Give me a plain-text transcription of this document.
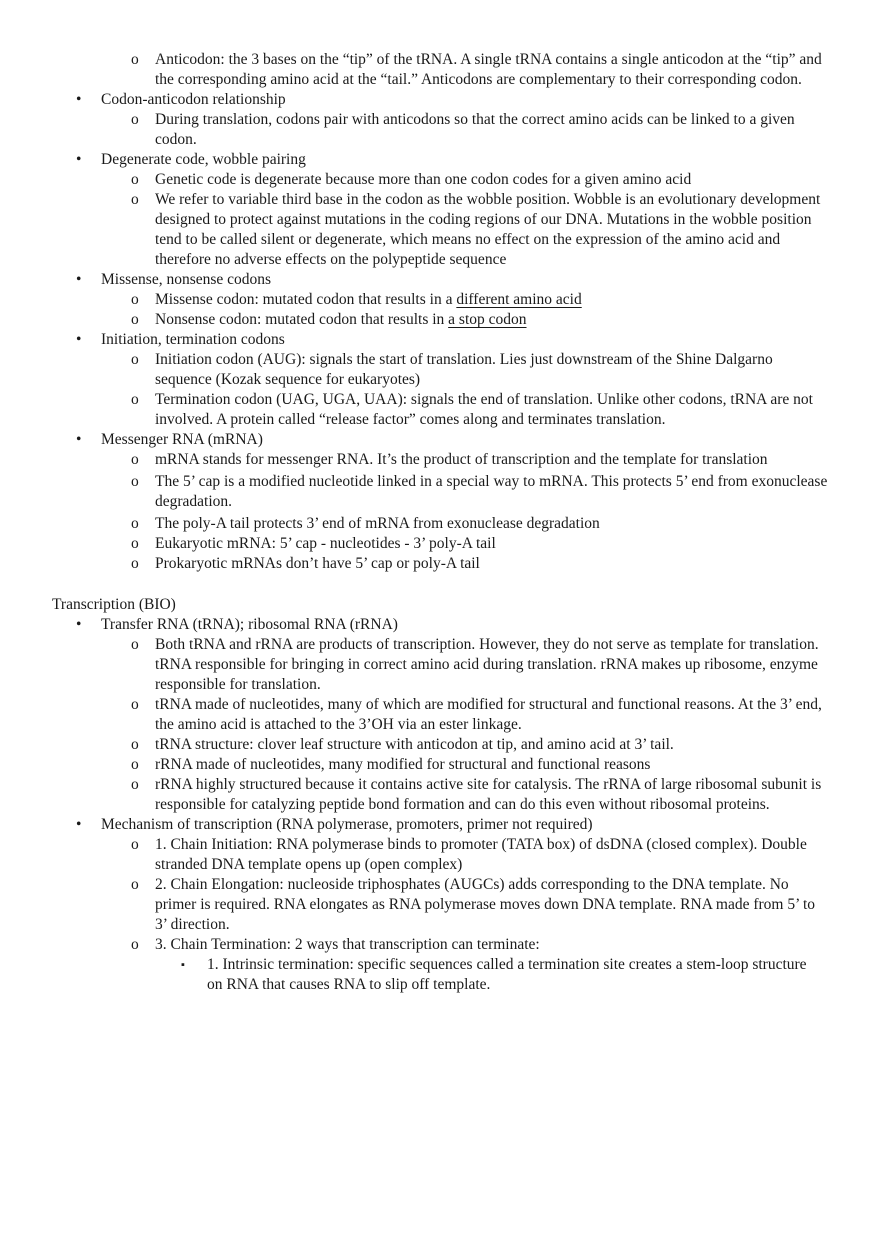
o Anticodon: the 3 bases on the “tip” of the tRNA. A single tRNA contains a single anticodon at the “tip” and the corresponding amino acid at the “tail.” Anticodons are complementary to their corresponding codon.
• Codon-anticodon relationship
o During translation, codons pair with anticodons so that the correct amino acids can be linked to a given codon.
• Degenerate code, wobble pairing
o Genetic code is degenerate because more than one codon codes for a given amino acid
o We refer to variable third base in the codon as the wobble position. Wobble is an evolutionary development designed to protect against mutations in the coding regions of our DNA. Mutations in the wobble position tend to be called silent or degenerate, which means no effect on the expression of the amino acid and therefore no adverse effects on the polypeptide sequence
• Missense, nonsense codons
o Missense codon: mutated codon that results in a different amino acid
o Nonsense codon: mutated codon that results in a stop codon
• Initiation, termination codons
o Initiation codon (AUG): signals the start of translation. Lies just downstream of the Shine Dalgarno sequence (Kozak sequence for eukaryotes)
o Termination codon (UAG, UGA, UAA): signals the end of translation. Unlike other codons, tRNA are not involved. A protein called “release factor” comes along and terminates translation.
• Messenger RNA (mRNA)
o mRNA stands for messenger RNA. It’s the product of transcription and the template for translation
o The 5’ cap is a modified nucleotide linked in a special way to mRNA. This protects 5’ end from exonuclease degradation.
o The poly-A tail protects 3’ end of mRNA from exonuclease degradation
o Eukaryotic mRNA: 5’ cap - nucleotides - 3’ poly-A tail
o Prokaryotic mRNAs don’t have 5’ cap or poly-A tail
Transcription (BIO)
• Transfer RNA (tRNA); ribosomal RNA (rRNA)
o Both tRNA and rRNA are products of transcription. However, they do not serve as template for translation. tRNA responsible for bringing in correct amino acid during translation. rRNA makes up ribosome, enzyme responsible for translation.
o tRNA made of nucleotides, many of which are modified for structural and functional reasons. At the 3’ end, the amino acid is attached to the 3’OH via an ester linkage.
o tRNA structure: clover leaf structure with anticodon at tip, and amino acid at 3’ tail.
o rRNA made of nucleotides, many modified for structural and functional reasons
o rRNA highly structured because it contains active site for catalysis. The rRNA of large ribosomal subunit is responsible for catalyzing peptide bond formation and can do this even without ribosomal proteins.
• Mechanism of transcription (RNA polymerase, promoters, primer not required)
o 1. Chain Initiation: RNA polymerase binds to promoter (TATA box) of dsDNA (closed complex). Double stranded DNA template opens up (open complex)
o 2. Chain Elongation: nucleoside triphosphates (AUGCs) adds corresponding to the DNA template. No primer is required. RNA elongates as RNA polymerase moves down DNA template. RNA made from 5’ to 3’ direction.
o 3. Chain Termination: 2 ways that transcription can terminate:
▪ 1. Intrinsic termination: specific sequences called a termination site creates a stem-loop structure on RNA that causes RNA to slip off template.
